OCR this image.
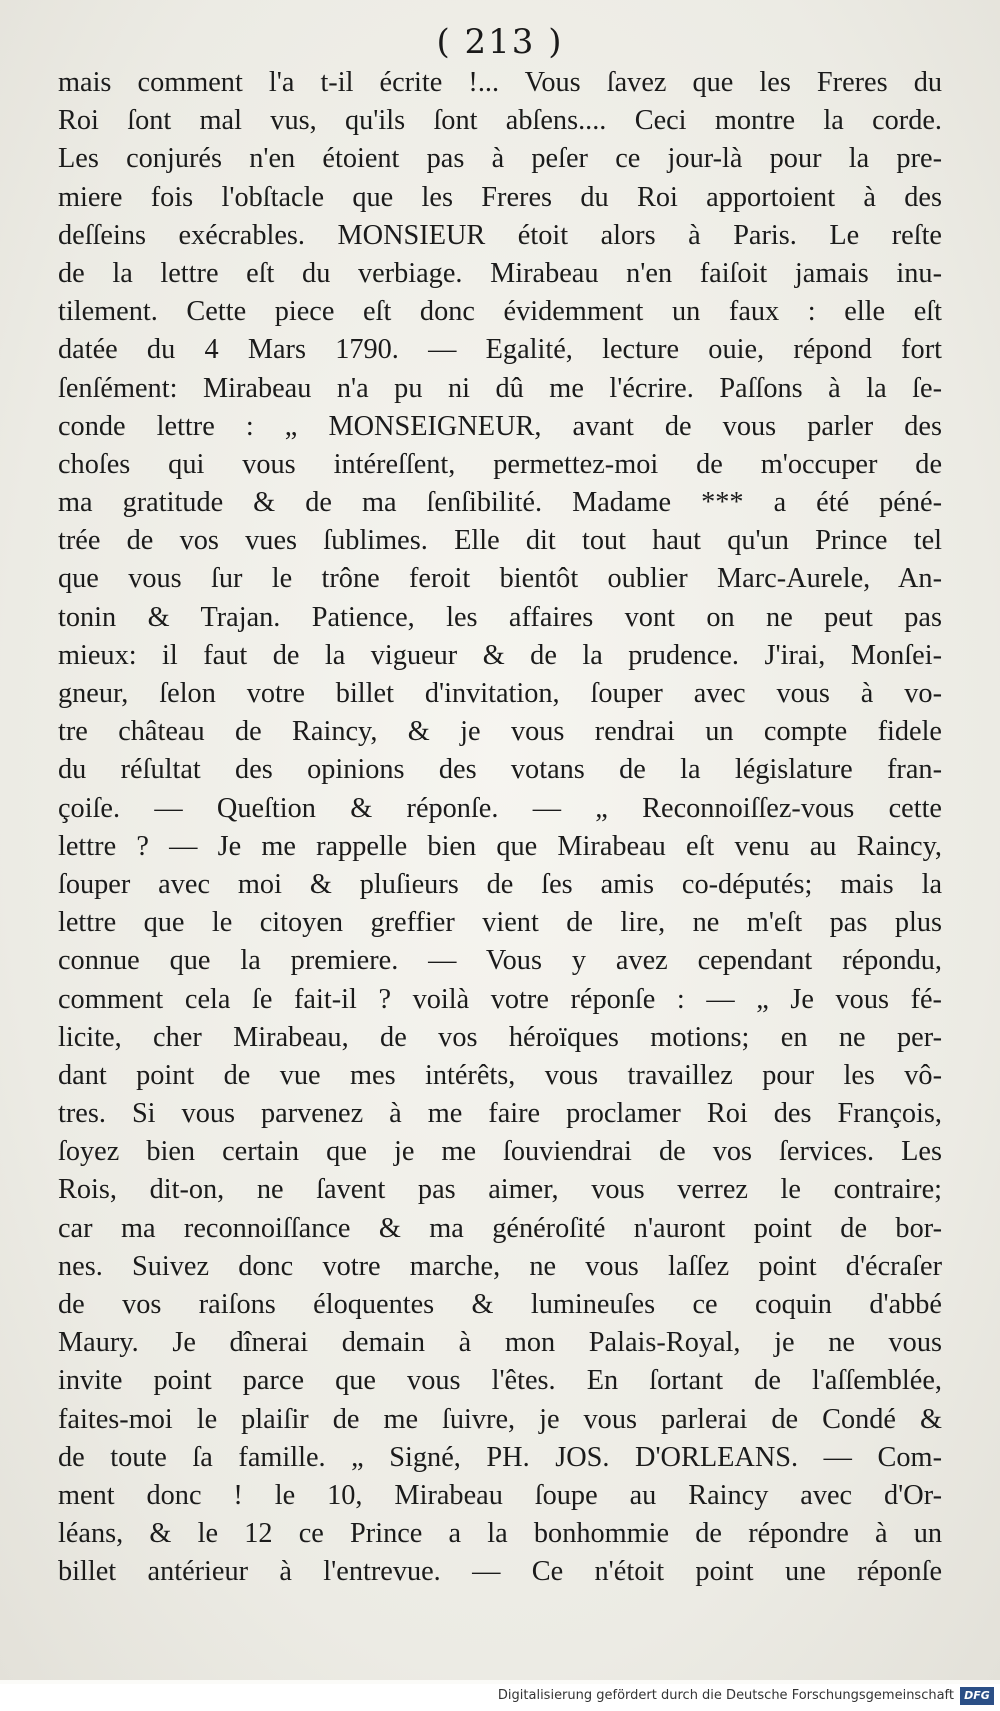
( 213 )
mais comment l'a t-il écrite !... Vous ſavez que les Freres du
Roi ſont mal vus, qu'ils ſont abſens.... Ceci montre la corde.
Les conjurés n'en étoient pas à peſer ce jour-là pour la pre-
miere fois l'obſtacle que les Freres du Roi apportoient à des
deſſeins exécrables. MONSIEUR étoit alors à Paris. Le reſte
de la lettre eſt du verbiage. Mirabeau n'en faiſoit jamais inu-
tilement. Cette piece eſt donc évidemment un faux : elle eſt
datée du 4 Mars 1790. — Egalité, lecture ouie, répond fort
ſenſément: Mirabeau n'a pu ni dû me l'écrire. Paſſons à la ſe-
conde lettre : „ MONSEIGNEUR, avant de vous parler des
choſes qui vous intéreſſent, permettez-moi de m'occuper de
ma gratitude & de ma ſenſibilité. Madame *** a été péné-
trée de vos vues ſublimes. Elle dit tout haut qu'un Prince tel
que vous ſur le trône feroit bientôt oublier Marc-Aurele, An-
tonin & Trajan. Patience, les affaires vont on ne peut pas
mieux: il faut de la vigueur & de la prudence. J'irai, Monſei-
gneur, ſelon votre billet d'invitation, ſouper avec vous à vo-
tre château de Raincy, & je vous rendrai un compte fidele
du réſultat des opinions des votans de la législature fran-
çoiſe. — Queſtion & réponſe. — „ Reconnoiſſez-vous cette
lettre ? — Je me rappelle bien que Mirabeau eſt venu au Raincy,
ſouper avec moi & pluſieurs de ſes amis co-députés; mais la
lettre que le citoyen greffier vient de lire, ne m'eſt pas plus
connue que la premiere. — Vous y avez cependant répondu,
comment cela ſe fait-il ? voilà votre réponſe : — „ Je vous fé-
licite, cher Mirabeau, de vos héroïques motions; en ne per-
dant point de vue mes intérêts, vous travaillez pour les vô-
tres. Si vous parvenez à me faire proclamer Roi des François,
ſoyez bien certain que je me ſouviendrai de vos ſervices. Les
Rois, dit-on, ne ſavent pas aimer, vous verrez le contraire;
car ma reconnoiſſance & ma généroſité n'auront point de bor-
nes. Suivez donc votre marche, ne vous laſſez point d'écraſer
de vos raiſons éloquentes & lumineuſes ce coquin d'abbé
Maury. Je dînerai demain à mon Palais-Royal, je ne vous
invite point parce que vous l'êtes. En ſortant de l'aſſemblée,
faites-moi le plaiſir de me ſuivre, je vous parlerai de Condé &
de toute ſa famille. „ Signé, PH. JOS. D'ORLEANS. — Com-
ment donc ! le 10, Mirabeau ſoupe au Raincy avec d'Or-
léans, & le 12 ce Prince a la bonhommie de répondre à un
billet antérieur à l'entrevue. — Ce n'étoit point une réponſe
Digitalisierung gefördert durch die Deutsche Forschungsgemeinschaft DFG
